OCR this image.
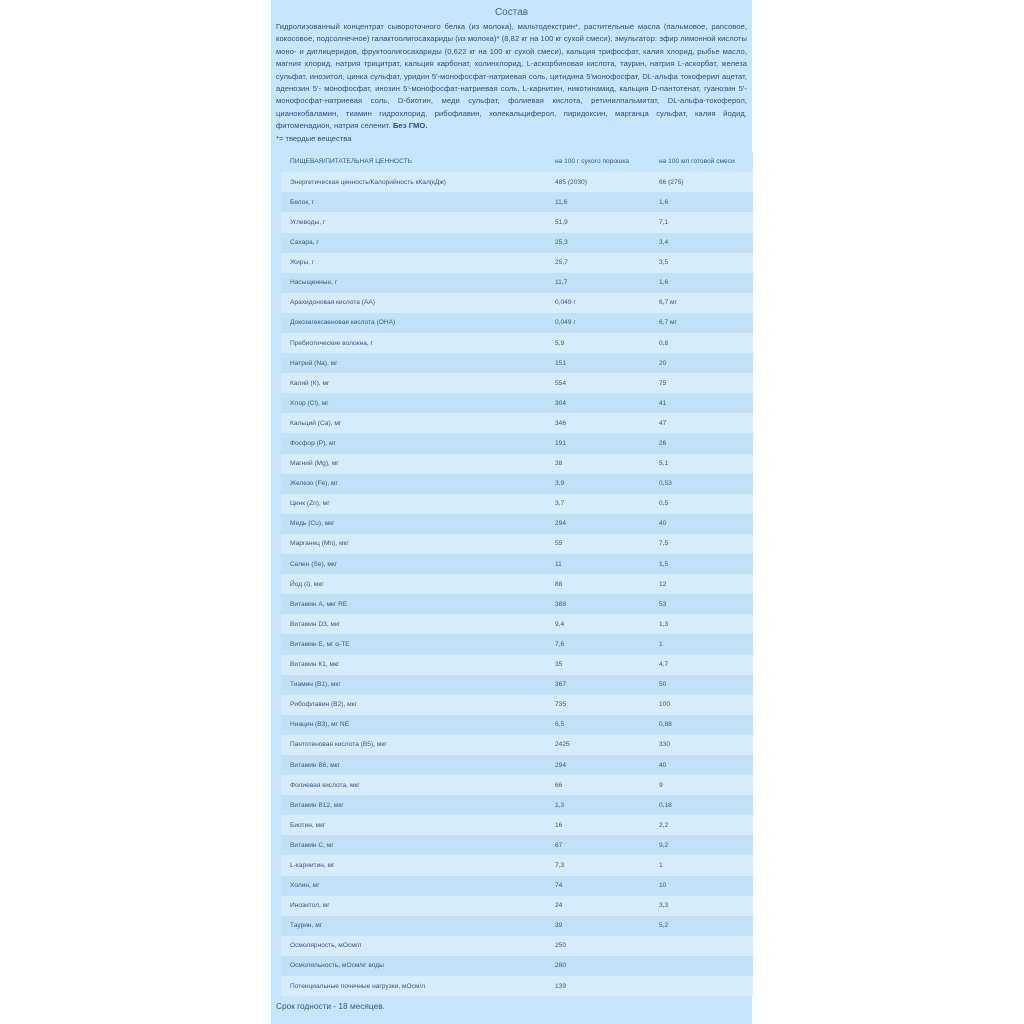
Состав
Гидролизованный концентрат сывороточного белка (из молока), мальтодекстрин*, растительные масла (пальмовое, рапсовое, кокосовое, подсолнечное) галактоолигосахариды (из молока)* (8,82 кг на 100 кг сухой смеси), эмульгатор: эфир лимонной кислоты моно- и диглицеридов, фруктоолигосахариды (0,622 кг на 100 кг сухой смеси), кальция трифосфат, калия хлорид, рыбье масло, магния хлорид, натрия трицитрат, кальция карбонат, холинхлорид, L-аскорбиновая кислота, таурин, натрия L-аскорбат, железа сульфат, инозитол, цинка сульфат, уридин 5'-монофосфат-натриевая соль, цитидина 5'монофосфат, DL-альфа токоферил ацетат, аденозин 5'- монофосфат, инозин 5'-монофосфат-натриевая соль, L-карнитин, никотинамид, кальция D-пантотенат, гуанозин 5'-монофосфат-натриевая соль, D-биотин, меди сульфат, фолиевая кислота, ретинилпальмитат, DL-альфа-токоферол, цианокобаламин, тиамин гидрохлорид, рибофлавин, холекальциферол, пиридоксин, марганца сульфат, калия йодид, фитоменадион, натрия селенит. Без ГМО.
*= твердые вещества
ПИЩЕВАЯ/ПИТАТЕЛЬНАЯ ЦЕННОСТЬ	на 100 г сухого порошка	на 100 мл готовой смеси
Энергетическая ценность/Калорийность кКал(кДж)	485 (2030)	66 (275)
Белок, г	11,6	1,6
Углеводы, г	51,9	7,1
Сахара, г	25,3	3,4
Жиры, г	25,7	3,5
Насыщенные, г	11,7	1,6
Арахидоновая кислота (АА)	0,049 г	6,7 мг
Докозагексаеновая кислота (ОНА)	0,049 г	6,7 мг
Пребиотические волокна, г	5,9	0,8
Натрий (Na), мг	151	20
Калий (К), мг	554	75
Хлор (Cl), мг	304	41
Кальций (Са), мг	346	47
Фосфор (Р), мг	191	26
Магний (Mg), мг	38	5,1
Железо (Fe), мг	3,9	0,53
Цинк (Zn), мг	3,7	0,5
Медь (Cu), мкг	294	40
Марганец (Mn), мкг	55	7,5
Селен (Se), мкг	11	1,5
Йод (I), мкг	88	12
Витамин А, мкг RE	388	53
Витамин D3, мкг	9,4	1,3
Витамин Е, мг α-ТЕ	7,6	1
Витамин К1, мкг	35	4,7
Тиамин (В1), мкг	367	50
Рибофлавин (В2), мкг	735	100
Ниацин (В3), мг NE	6,5	0,88
Пантотеновая кислота (В5), мкг	2425	330
Витамин В6, мкг	294	40
Фолиевая кислота, мкг	66	9
Витамин В12, мкг	1,3	0,18
Биотин, мкг	16	2,2
Витамин С, мг	67	9,2
L-карнитин, мг	7,3	1
Холин, мг	74	10
Инозитол, мг	24	3,3
Таурин, мг	39	5,2
Осмолярность, мОсм/л	250	
Осмоляльность, мОсм/кг воды	280	
Потенциальные почечные нагрузки, мОсм/л	139	
Срок годности - 18 месяцев.
